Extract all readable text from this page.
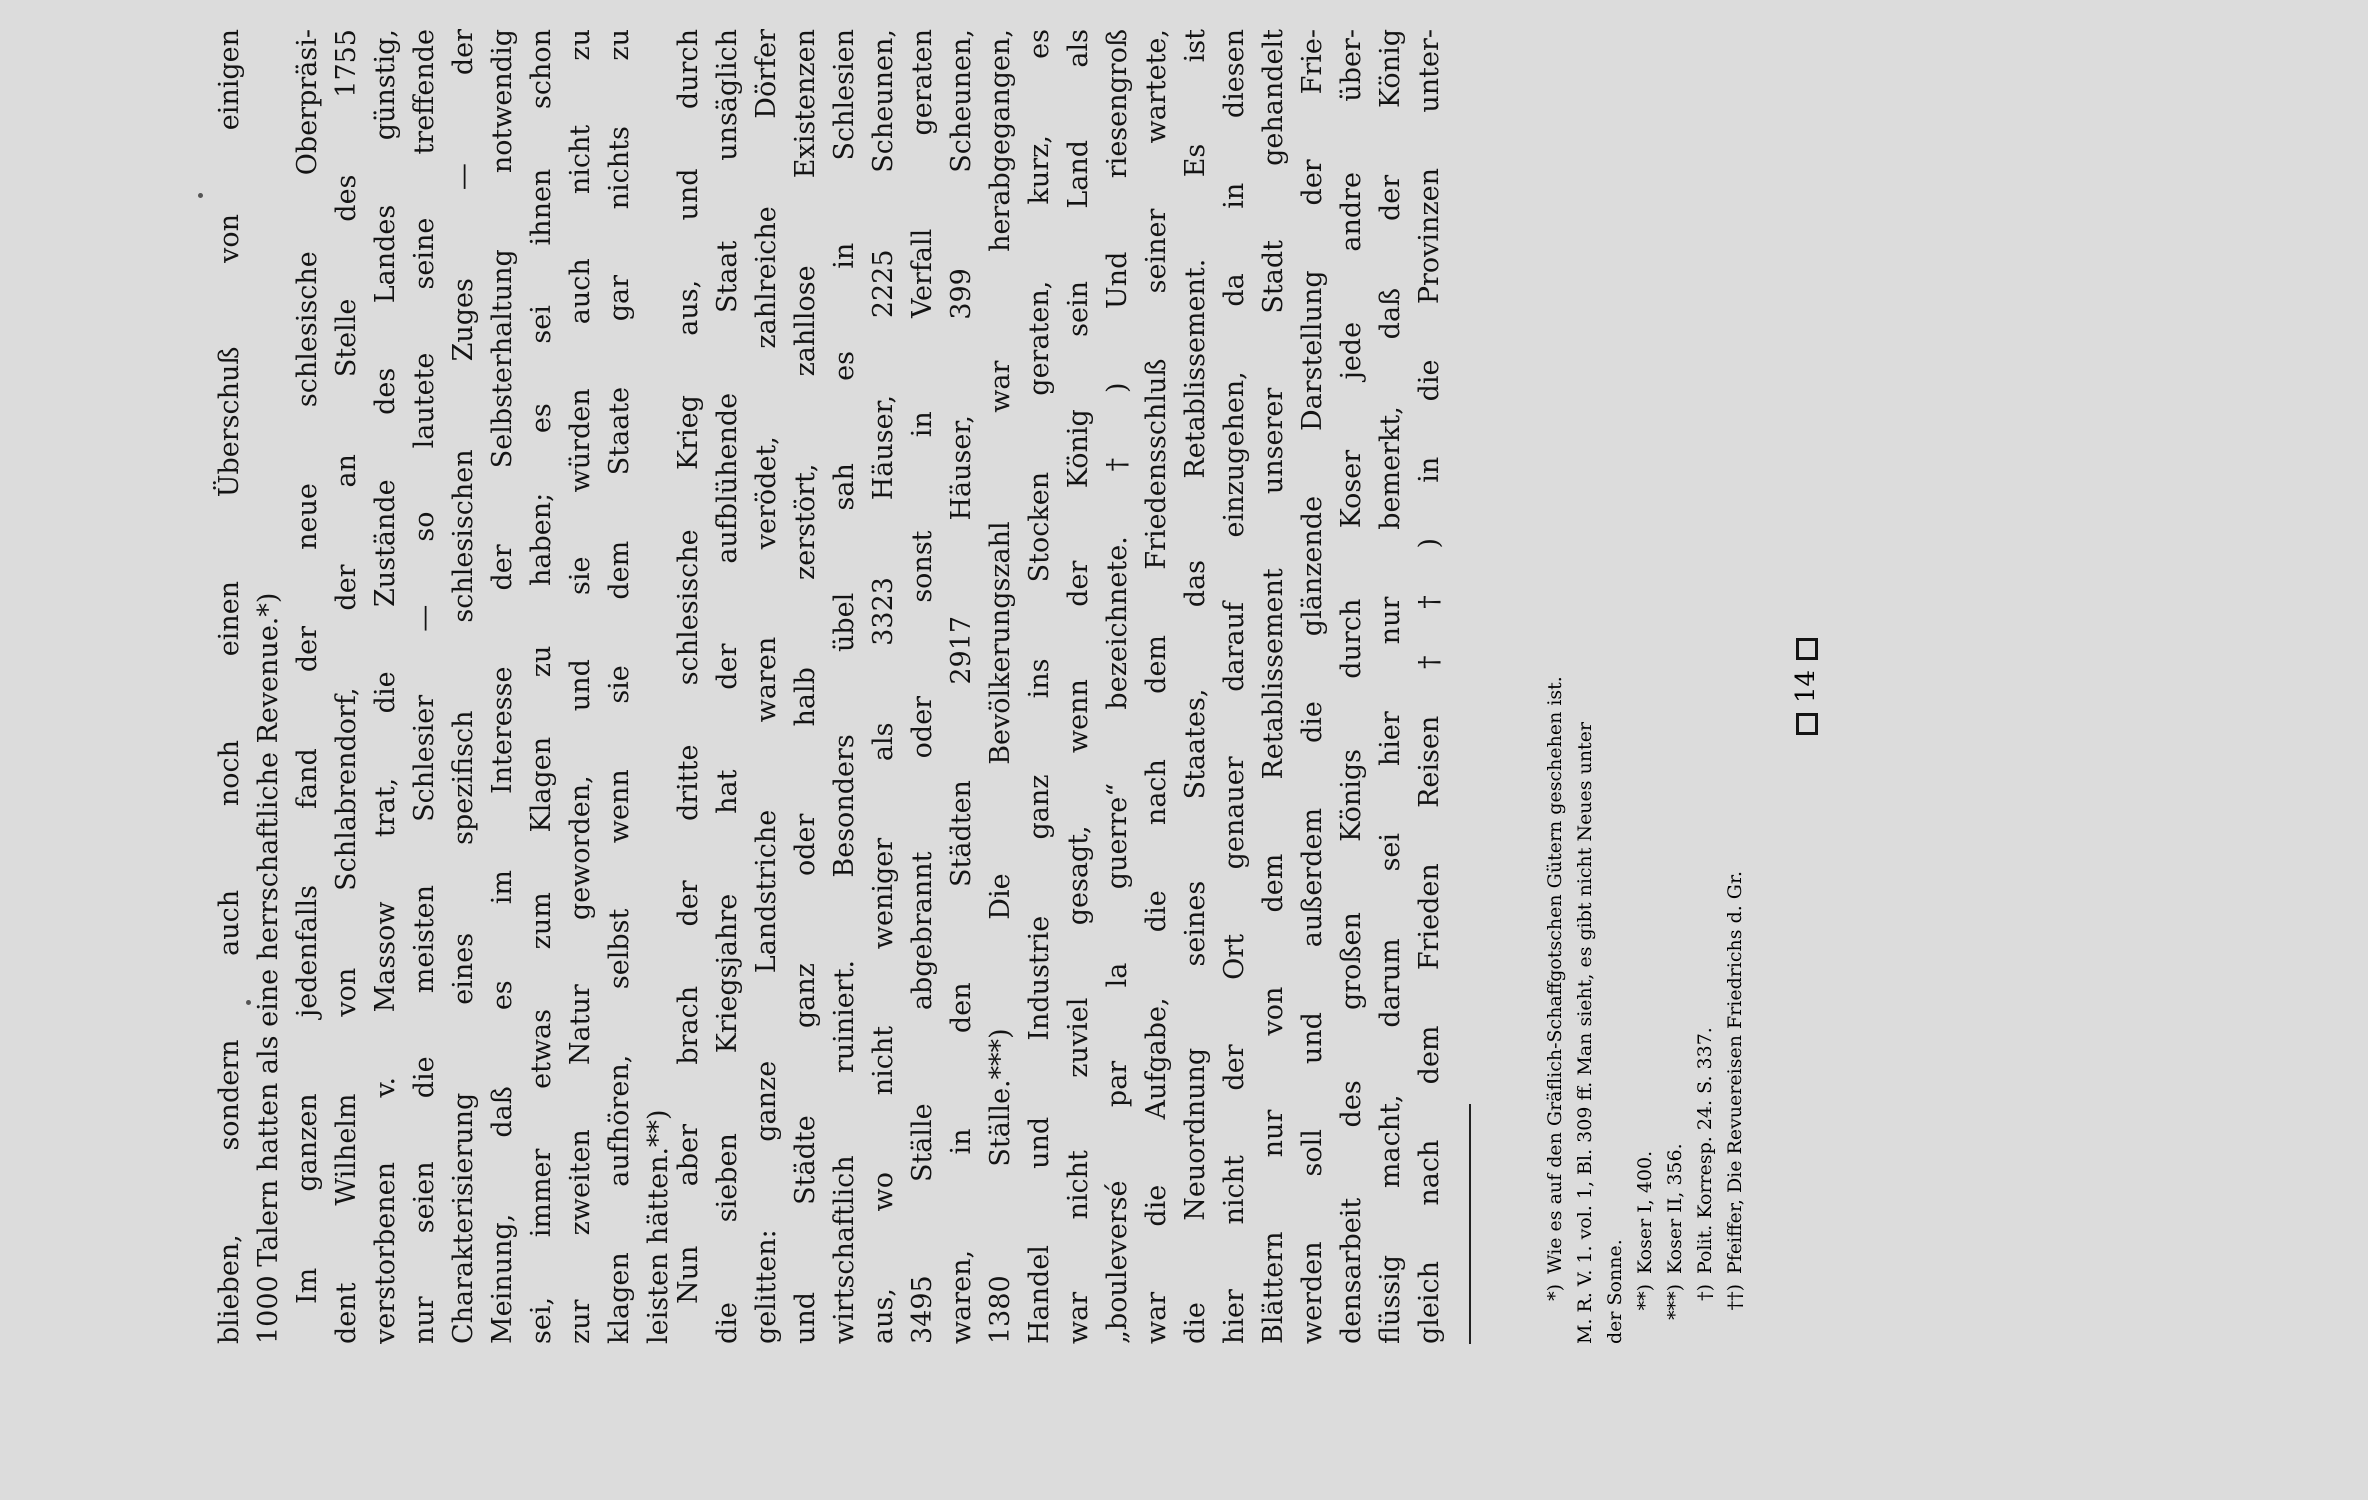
blieben, sondern auch noch einen Überschuß von einigen 1000 Talern hatten als eine herrschaftliche Revenue.*) Im ganzen jedenfalls fand der neue schlesische Oberpräsi- dent Wilhelm von Schlabrendorf, der an Stelle des 1755 verstorbenen v. Massow trat, die Zustände des Landes günstig, nur seien die meisten Schlesier — so lautete seine treffende Charakterisierung eines spezifisch schlesischen Zuges — der Meinung, daß es im Interesse der Selbsterhaltung notwendig sei, immer etwas zum Klagen zu haben; es sei ihnen schon zur zweiten Natur geworden, und sie würden auch nicht zu klagen aufhören, selbst wenn sie dem Staate gar nichts zu leisten hätten.**) Nun aber brach der dritte schlesische Krieg aus, und durch die sieben Kriegsjahre hat der aufblühende Staat unsäglich gelitten: ganze Landstriche waren verödet, zahlreiche Dörfer und Städte ganz oder halb zerstört, zahllose Existenzen wirtschaftlich ruiniert. Besonders übel sah es in Schlesien aus, wo nicht weniger als 3323 Häuser, 2225 Scheunen, 3495 Ställe abgebrannt oder sonst in Verfall geraten waren, in den Städten 2917 Häuser, 399 Scheunen, 1380 Ställe.***) Die Bevölkerungszahl war herabgegangen, Handel und Industrie ganz ins Stocken geraten, kurz, es war nicht zuviel gesagt, wenn der König sein Land als „bouleversé par la guerre“ bezeichnete.†) Und riesengroß war die Aufgabe, die nach dem Friedensschluß seiner wartete, die Neuordnung seines Staates, das Retablissement. Es ist hier nicht der Ort genauer darauf einzugehen, da in diesen Blättern nur von dem Retablissement unserer Stadt gehandelt werden soll und außerdem die glänzende Darstellung der Frie- densarbeit des großen Königs durch Koser jede andre über- flüssig macht, darum sei hier nur bemerkt, daß der König gleich nach dem Frieden Reisen††) in die Provinzen unter-	*)Wie es auf den Gräflich-Schaffgotschen Gütern geschehen ist. M. R. V. 1. vol. 1, Bl. 309 ff. Man sieht, es gibt nicht Neues unter der Sonne. **)Koser I, 400.
***)Koser II, 356.
†)Polit. Korresp. 24. S. 337.
††)Pfeiffer, Die Revuereisen Friedrichs d. Gr.
14
